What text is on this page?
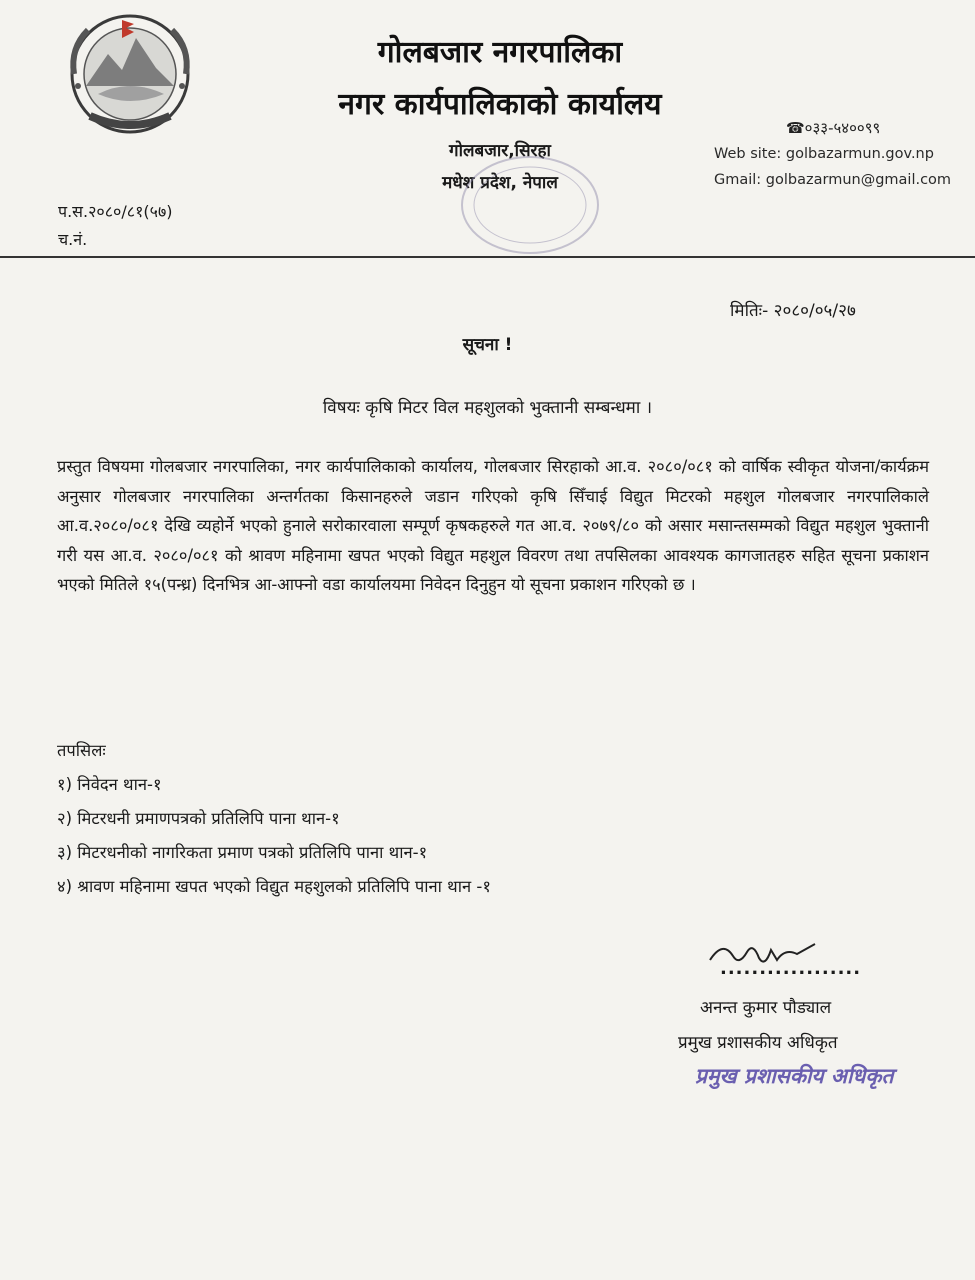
गोलबजार नगरपालिका
नगर कार्यपालिकाको कार्यालय
गोलबजार,सिरहा
मधेश प्रदेश, नेपाल
☎०३३-५४००९९
Web site: golbazarmun.gov.np
Gmail: golbazarmun@gmail.com
प.स.२०८०/८१(५७)
च.नं.
मितिः- २०८०/०५/२७
सूचना !
विषयः कृषि मिटर विल महशुलको भुक्तानी सम्बन्धमा ।
प्रस्तुत विषयमा गोलबजार नगरपालिका, नगर कार्यपालिकाको कार्यालय, गोलबजार सिरहाको आ.व. २०८०/०८१ को वार्षिक स्वीकृत योजना/कार्यक्रम अनुसार गोलबजार नगरपालिका अन्तर्गतका किसानहरुले जडान गरिएको कृषि सिँचाई विद्युत मिटरको महशुल गोलबजार नगरपालिकाले आ.व.२०८०/०८१ देखि व्यहोर्ने भएको हुनाले सरोकारवाला सम्पूर्ण कृषकहरुले गत आ.व. २०७९/८० को असार मसान्तसम्मको विद्युत महशुल भुक्तानी गरी यस आ.व. २०८०/०८१ को श्रावण महिनामा खपत भएको विद्युत महशुल विवरण तथा तपसिलका आवश्यक कागजातहरु सहित सूचना प्रकाशन भएको मितिले १५(पन्ध्र) दिनभित्र आ-आफ्नो वडा कार्यालयमा निवेदन दिनुहुन यो सूचना प्रकाशन गरिएको छ ।
तपसिलः
१) निवेदन थान-१
२) मिटरधनी प्रमाणपत्रको प्रतिलिपि पाना थान-१
३) मिटरधनीको नागरिकता प्रमाण पत्रको प्रतिलिपि पाना थान-१
४) श्रावण महिनामा खपत भएको विद्युत महशुलको प्रतिलिपि पाना थान -१
..................
अनन्त कुमार पौड्याल
प्रमुख प्रशासकीय अधिकृत
प्रमुख प्रशासकीय अधिकृत
